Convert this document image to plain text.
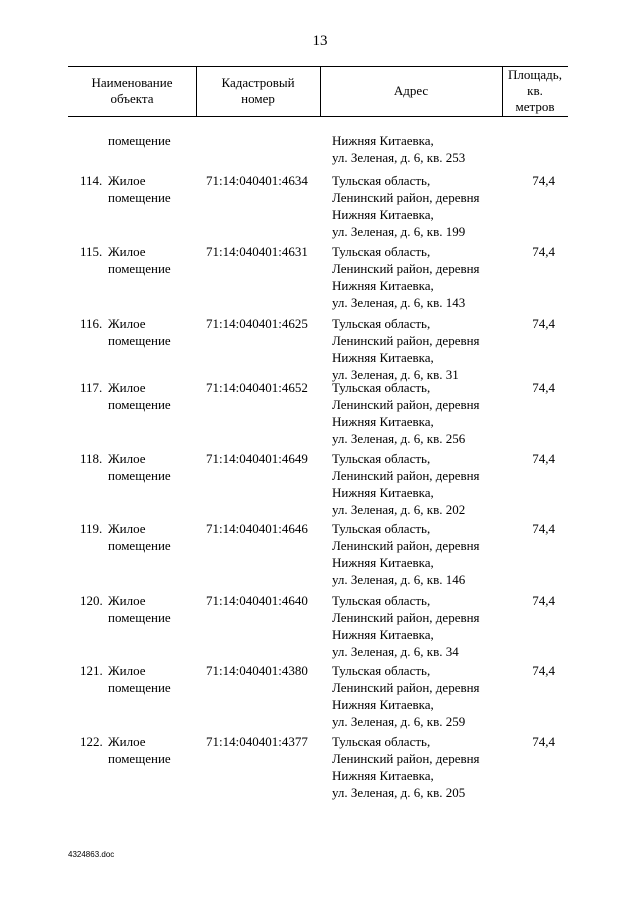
13
Наименование
объекта
Кадастровый
номер
Адрес
Площадь,
кв.
метров
помещение	Нижняя Китаевка,
ул. Зеленая, д. 6, кв. 253
114. Жилое
помещение
71:14:040401:4634 Тульская область,
Ленинский район, деревня
Нижняя Китаевка,
ул. Зеленая, д. 6, кв. 199
74,4
115. Жилое
помещение
71:14:040401:4631 Тульская область,
Ленинский район, деревня
Нижняя Китаевка,
ул. Зеленая, д. 6, кв. 143
74,4
116. Жилое
помещение
71:14:040401:4625 Тульская область,
Ленинский район, деревня
Нижняя Китаевка,
ул. Зеленая, д. 6, кв. 31
74,4
117. Жилое
помещение
71:14:040401:4652 Тульская область,
Ленинский район, деревня
Нижняя Китаевка,
ул. Зеленая, д. 6, кв. 256
74,4
118. Жилое
помещение
71:14:040401:4649 Тульская область,
Ленинский район, деревня
Нижняя Китаевка,
ул. Зеленая, д. 6, кв. 202
74,4
119. Жилое
помещение
71:14:040401:4646 Тульская область,
Ленинский район, деревня
Нижняя Китаевка,
ул. Зеленая, д. 6, кв. 146
74,4
120. Жилое
помещение
71:14:040401:4640 Тульская область,
Ленинский район, деревня
Нижняя Китаевка,
ул. Зеленая, д. 6, кв. 34
74,4
121. Жилое
помещение
71:14:040401:4380 Тульская область,
Ленинский район, деревня
Нижняя Китаевка,
ул. Зеленая, д. 6, кв. 259
74,4
122. Жилое
помещение
71:14:040401:4377 Тульская область,
Ленинский район, деревня
Нижняя Китаевка,
ул. Зеленая, д. 6, кв. 205
74,4
4324863.doc
